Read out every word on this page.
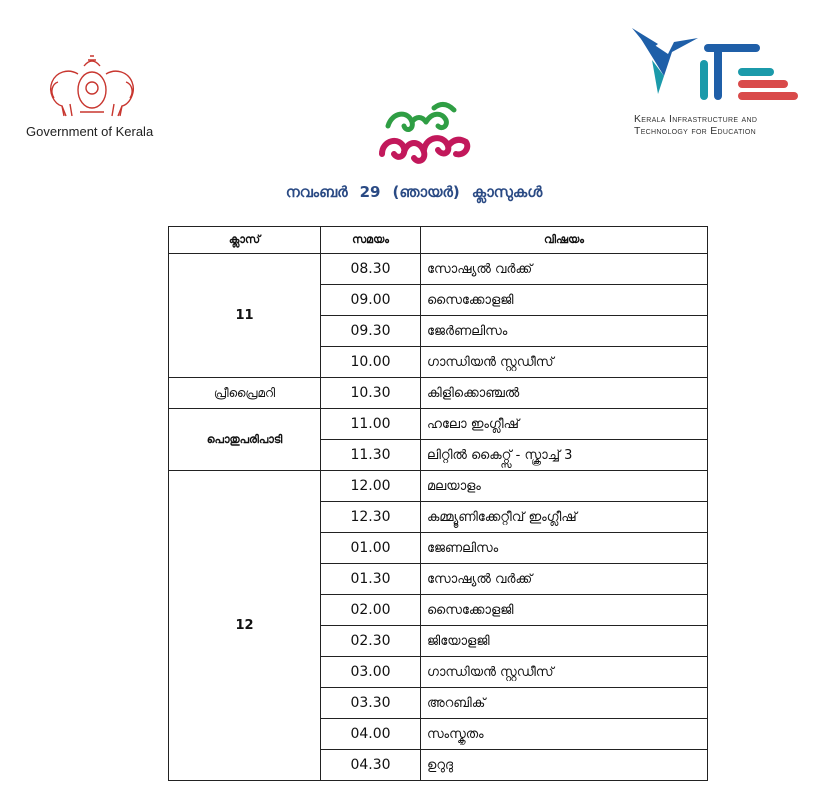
Government of Kerala
Kerala Infrastructure and
Technology for Education
നവംബർ 29 (ഞായർ) ക്ലാസുകൾ
ക്ലാസ്	സമയം	വിഷയം
11	08.30	സോഷ്യൽ വർക്ക്
	09.00	സൈക്കോളജി
	09.30	ജേർണലിസം
	10.00	ഗാന്ധിയൻ സ്റ്റഡീസ്
പ്രീപ്രൈമറി	10.30	കിളിക്കൊഞ്ചൽ
പൊതുപരിപാടി	11.00	ഹലോ ഇംഗ്ലീഷ്
	11.30	ലിറ്റിൽ കൈറ്റ്സ് - സ്ക്രാച്ച് 3
12	12.00	മലയാളം
	12.30	കമ്മ്യൂണിക്കേറ്റീവ് ഇംഗ്ലീഷ്
	01.00	ജേണലിസം
	01.30	സോഷ്യൽ വർക്ക്
	02.00	സൈക്കോളജി
	02.30	ജിയോളജി
	03.00	ഗാന്ധിയൻ സ്റ്റഡീസ്
	03.30	അറബിക്
	04.00	സംസ്കൃതം
	04.30	ഉറുദു
